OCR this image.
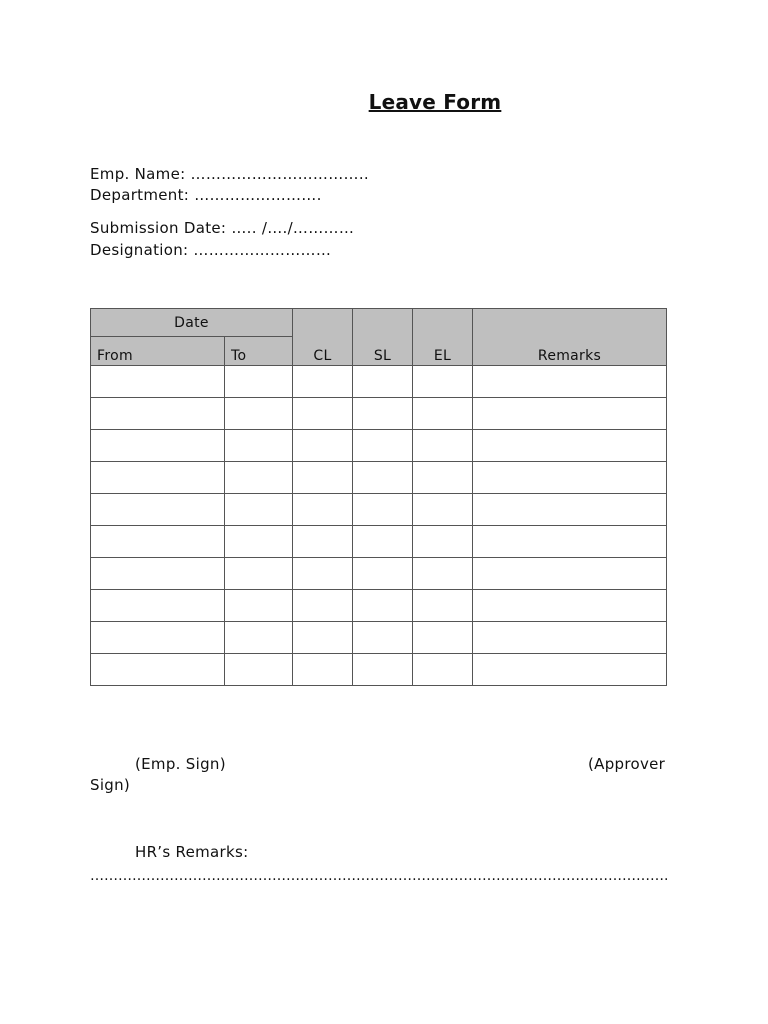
Leave Form
Emp. Name: ……………………………..
Department: …………………….
Submission Date: ….. /…./…………
Designation: ………………………
Date		CL	SL	EL	Remarks
From	To				

(Emp. Sign)	(Approver
Sign)
HR’s Remarks:
…………………………………………………………………………………………………………….
